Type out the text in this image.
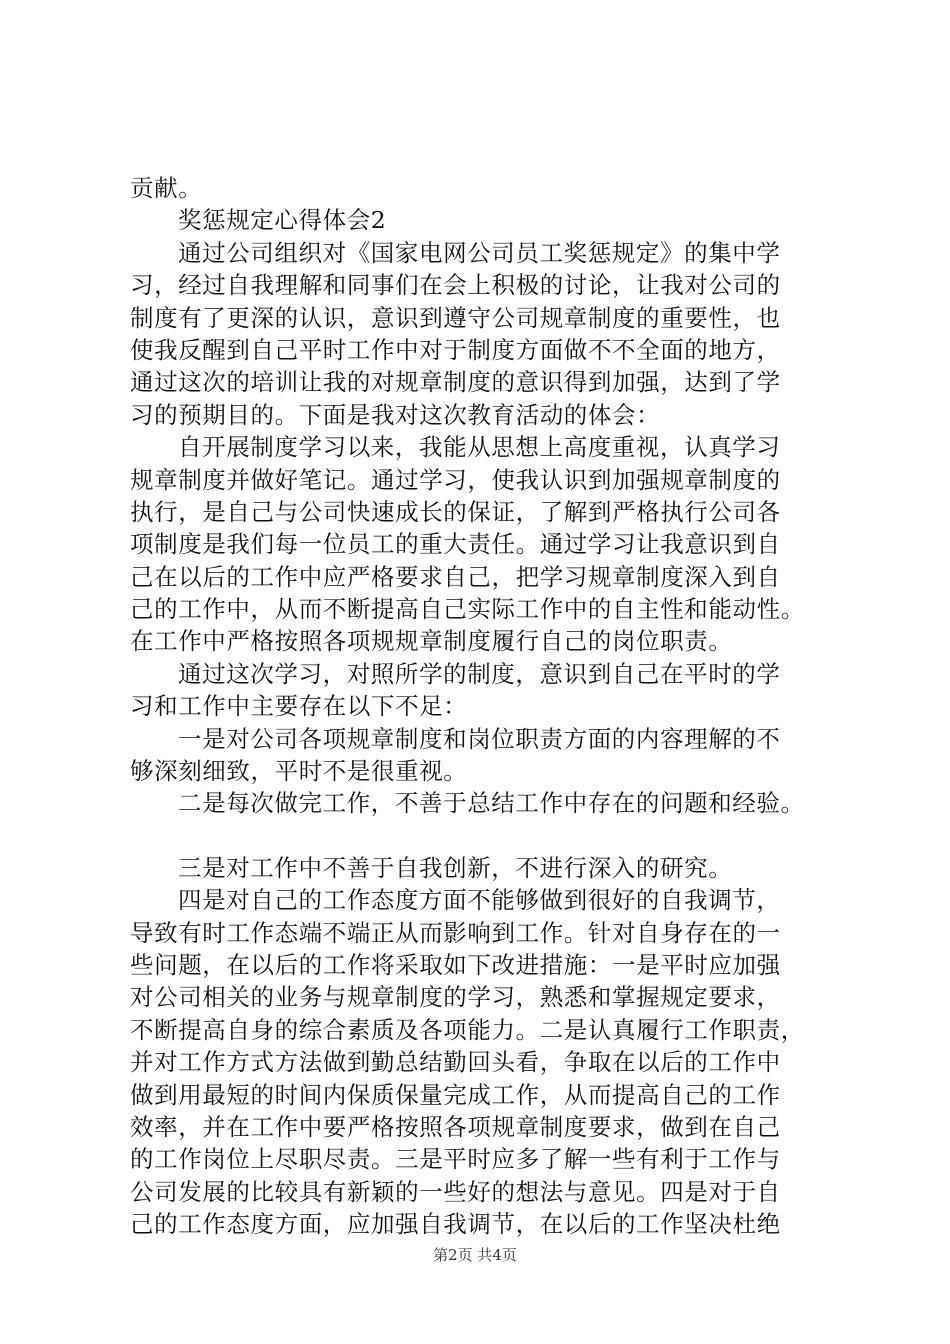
贡献。
奖惩规定心得体会2
通过公司组织对《国家电网公司员工奖惩规定》的集中学
习，经过自我理解和同事们在会上积极的讨论，让我对公司的
制度有了更深的认识，意识到遵守公司规章制度的重要性，也
使我反醒到自己平时工作中对于制度方面做不不全面的地方，
通过这次的培训让我的对规章制度的意识得到加强，达到了学
习的预期目的。下面是我对这次教育活动的体会：
自开展制度学习以来，我能从思想上高度重视，认真学习
规章制度并做好笔记。通过学习，使我认识到加强规章制度的
执行，是自己与公司快速成长的保证，了解到严格执行公司各
项制度是我们每一位员工的重大责任。通过学习让我意识到自
己在以后的工作中应严格要求自己，把学习规章制度深入到自
己的工作中，从而不断提高自己实际工作中的自主性和能动性。
在工作中严格按照各项规规章制度履行自己的岗位职责。
通过这次学习，对照所学的制度，意识到自己在平时的学
习和工作中主要存在以下不足：
一是对公司各项规章制度和岗位职责方面的内容理解的不
够深刻细致，平时不是很重视。
二是每次做完工作，不善于总结工作中存在的问题和经验。
三是对工作中不善于自我创新，不进行深入的研究。
四是对自己的工作态度方面不能够做到很好的自我调节，
导致有时工作态端不端正从而影响到工作。针对自身存在的一
些问题，在以后的工作将采取如下改进措施：一是平时应加强
对公司相关的业务与规章制度的学习，熟悉和掌握规定要求，
不断提高自身的综合素质及各项能力。二是认真履行工作职责，
并对工作方式方法做到勤总结勤回头看，争取在以后的工作中
做到用最短的时间内保质保量完成工作，从而提高自己的工作
效率，并在工作中要严格按照各项规章制度要求，做到在自己
的工作岗位上尽职尽责。三是平时应多了解一些有利于工作与
公司发展的比较具有新颖的一些好的想法与意见。四是对于自
己的工作态度方面，应加强自我调节，在以后的工作坚决杜绝
第2页 共4页
